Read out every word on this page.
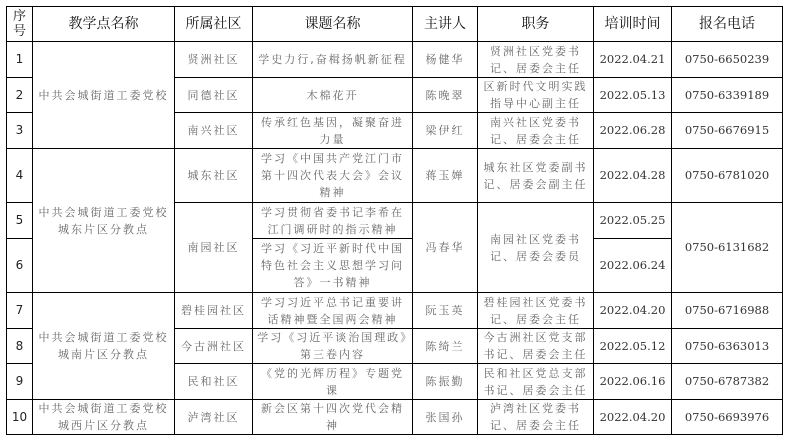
序号	教学点名称	所属社区	课题名称	主讲人	职务	培训时间	报名电话
1	中共会城街道工委党校	贤洲社区	学史力行,奋楫扬帆新征程	杨健华	贤洲社区党委书记、居委会主任	2022.04.21	0750-6650239
2		同德社区	木棉花开	陈晚翠	区新时代文明实践指导中心副主任	2022.05.13	0750-6339189
3		南兴社区	传承红色基因，凝聚奋进力量	梁伊红	南兴社区党委书记、居委会主任	2022.06.28	0750-6676915
4	中共会城街道工委党校城东片区分教点	城东社区	学习《中国共产党江门市第十四次代表大会》会议精神	蒋玉婵	城东社区党委副书记、居委会副主任	2022.04.28	0750-6781020
5		南园社区	学习贯彻省委书记李希在江门调研时的指示精神	冯春华	南园社区党委书记、居委会委员	2022.05.25	0750-6131682
6			学习《习近平新时代中国特色社会主义思想学习问答》一书精神			2022.06.24	
7	中共会城街道工委党校城南片区分教点	碧桂园社区	学习习近平总书记重要讲话精神暨全国两会精神	阮玉英	碧桂园社区党委书记、居委会主任	2022.04.20	0750-6716988
8		今古洲社区	学习《习近平谈治国理政》第三卷内容	陈绮兰	今古洲社区党支部书记、居委会主任	2022.05.12	0750-6363013
9		民和社区	《党的光辉历程》专题党课	陈振勤	民和社区党总支部书记、居委会主任	2022.06.16	0750-6787382
10	中共会城街道工委党校城西片区分教点	泸湾社区	新会区第十四次党代会精神	张国孙	泸湾社区党委书记、居委会主任	2022.04.20	0750-6693976
